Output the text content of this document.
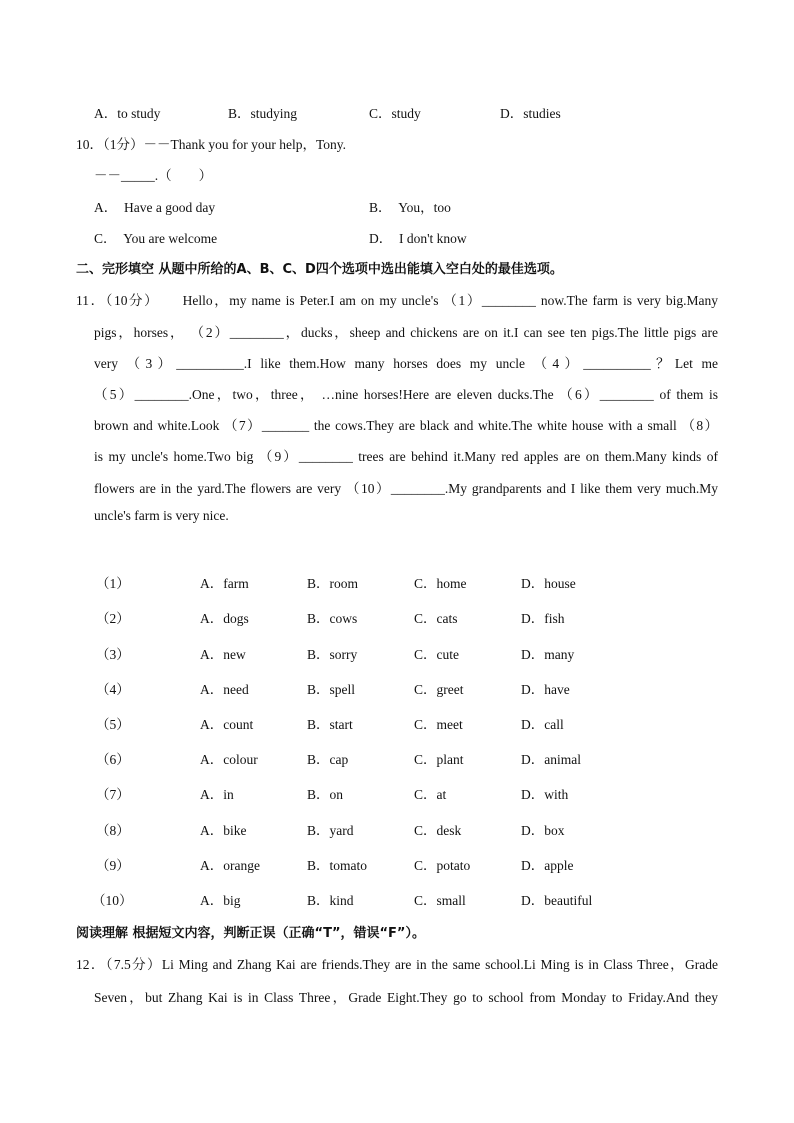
A．to study	B．studying	C．study	D．studies
10．（1分）－－Thank you for your help，Tony.
－－_____.（　　）
A．　Have a good day	B．　You，too
C．　You are welcome	D．　I don't know
二、完形填空 从题中所给的A、B、C、D四个选项中选出能填入空白处的最佳选项。
11．（10分）　　Hello，my name is Peter.I am on my uncle's （1）________ now.The farm is very big.Many
pigs，horses， （2）________，ducks，sheep and chickens are on it.I can see ten pigs.The little pigs are
very （3）__________.I like them.How many horses does my uncle （4）__________？Let me
（5）________.One，two，three， …nine horses!Here are eleven ducks.The （6）________ of them is
brown and white.Look （7）_______ the cows.They are black and white.The white house with a small （8）
is my uncle's home.Two big （9）________ trees are behind it.Many red apples are on them.Many kinds of
flowers are in the yard.The flowers are very （10）________.My grandparents and I like them very much.My
uncle's farm is very nice.
（1）	A．farm	B．room	C．home	D．house
（2）	A．dogs	B．cows	C．cats	D．fish
（3）	A．new	B．sorry	C．cute	D．many
（4）	A．need	B．spell	C．greet	D．have
（5）	A．count	B．start	C．meet	D．call
（6）	A．colour	B．cap	C．plant	D．animal
（7）	A．in	B．on	C．at	D．with
（8）	A．bike	B．yard	C．desk	D．box
（9）	A．orange	B．tomato	C．potato	D．apple
（10）	A．big	B．kind	C．small	D．beautiful
阅读理解 根据短文内容，判断正误（正确“T”，错误“F”）。
12．（7.5分）Li Ming and Zhang Kai are friends.They are in the same school.Li Ming is in Class Three，Grade
Seven，but Zhang Kai is in Class Three，Grade Eight.They go to school from Monday to Friday.And they
